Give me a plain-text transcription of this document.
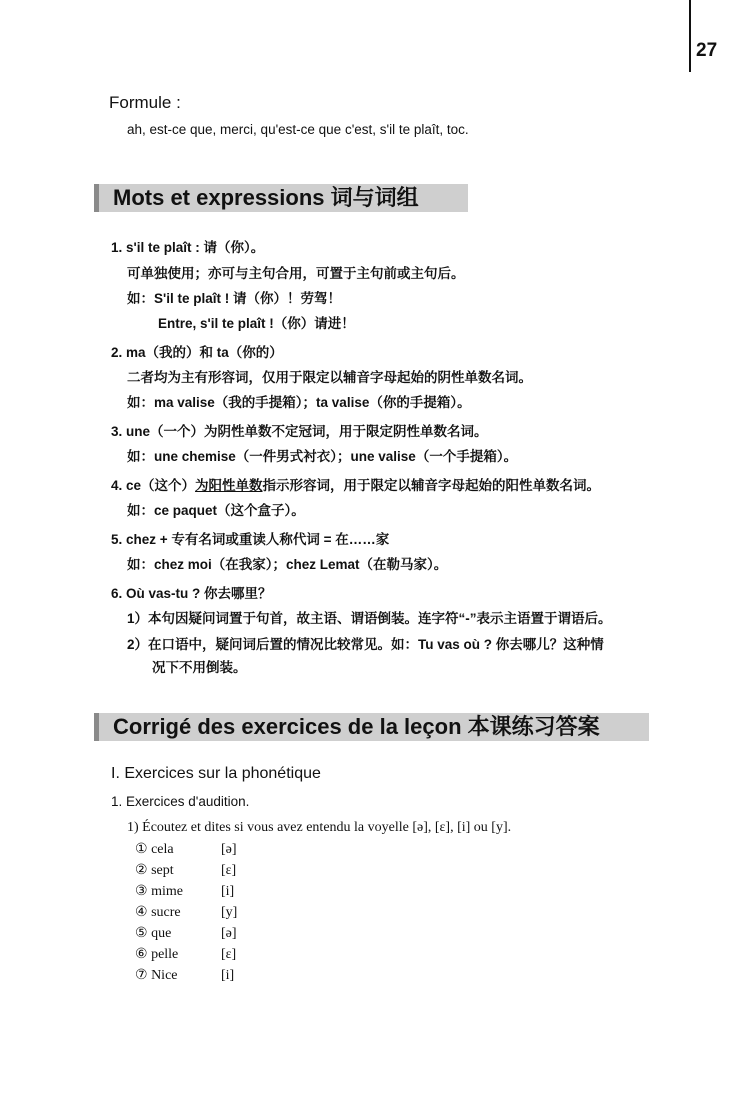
27
Formule :
ah, est-ce que, merci, qu'est-ce que c'est, s'il te plaît, toc.
Mots et expressions 词与词组
1. s'il te plaît : 请（你）。
可单独使用；亦可与主句合用，可置于主句前或主句后。
如：S'il te plaît ! 请（你）！劳驾！
Entre, s'il te plaît !（你）请进！
2. ma（我的）和 ta（你的）
二者均为主有形容词，仅用于限定以辅音字母起始的阴性单数名词。
如：ma valise（我的手提箱）；ta valise（你的手提箱）。
3. une（一个）为阴性单数不定冠词，用于限定阴性单数名词。
如：une chemise（一件男式衬衣）；une valise（一个手提箱）。
4. ce（这个）为阳性单数指示形容词，用于限定以辅音字母起始的阳性单数名词。
如：ce paquet（这个盒子）。
5. chez + 专有名词或重读人称代词 = 在……家
如：chez moi（在我家）；chez Lemat（在勒马家）。
6. Où vas-tu ? 你去哪里？
1）本句因疑问词置于句首，故主语、谓语倒装。连字符“-”表示主语置于谓语后。
2）在口语中，疑问词后置的情况比较常见。如：Tu vas où ? 你去哪儿？这种情
况下不用倒装。
Corrigé des exercices de la leçon 本课练习答案
I. Exercices sur la phonétique
1. Exercices d'audition.
1) Écoutez et dites si vous avez entendu la voyelle [ə], [ɛ], [i] ou [y].
① cela	[ə]
② sept	[ɛ]
③ mime	[i]
④ sucre	[y]
⑤ que	[ə]
⑥ pelle	[ɛ]
⑦ Nice	[i]
